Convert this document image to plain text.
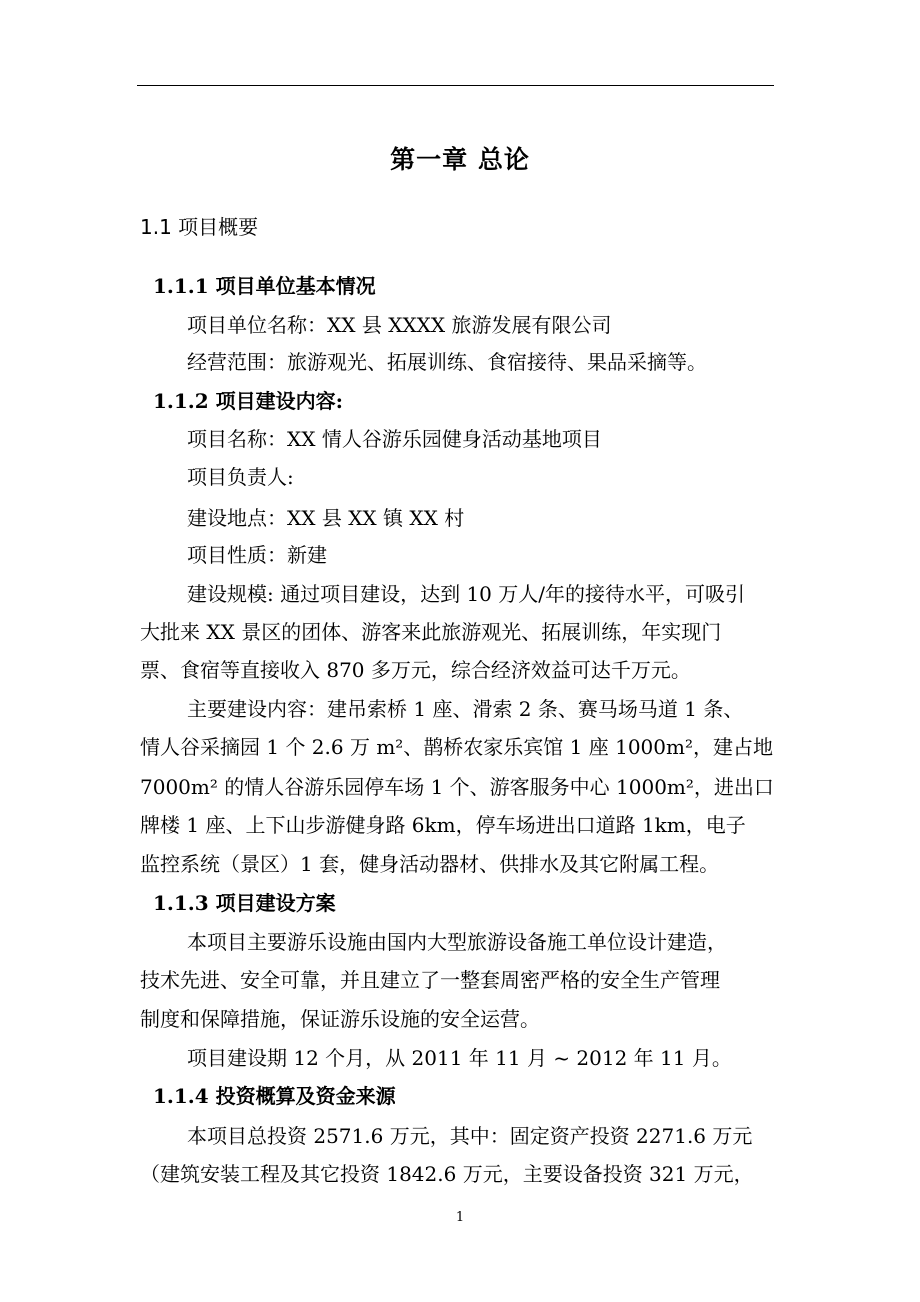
第一章 总论
1.1 项目概要
1.1.1 项目单位基本情况
项目单位名称：XX 县 XXXX 旅游发展有限公司
经营范围：旅游观光、拓展训练、食宿接待、果品采摘等。
1.1.2 项目建设内容:
项目名称：XX 情人谷游乐园健身活动基地项目
项目负责人:
建设地点：XX 县 XX 镇 XX 村
项目性质：新建
建设规模: 通过项目建设，达到 10 万人/年的接待水平，可吸引
大批来 XX 景区的团体、游客来此旅游观光、拓展训练，年实现门
票、食宿等直接收入 870 多万元，综合经济效益可达千万元。
主要建设内容：建吊索桥 1 座、滑索 2 条、赛马场马道 1 条、
情人谷采摘园 1 个 2.6 万 m²、鹊桥农家乐宾馆 1 座 1000m²，建占地
7000m² 的情人谷游乐园停车场 1 个、游客服务中心 1000m²，进出口
牌楼 1 座、上下山步游健身路 6km，停车场进出口道路 1km，电子
监控系统（景区）1 套，健身活动器材、供排水及其它附属工程。
1.1.3 项目建设方案
本项目主要游乐设施由国内大型旅游设备施工单位设计建造，
技术先进、安全可靠，并且建立了一整套周密严格的安全生产管理
制度和保障措施，保证游乐设施的安全运营。
项目建设期 12 个月，从 2011 年 11 月 ~ 2012 年 11 月。
1.1.4 投资概算及资金来源
本项目总投资 2571.6 万元，其中：固定资产投资 2271.6 万元
（建筑安装工程及其它投资 1842.6 万元，主要设备投资 321 万元，
1
